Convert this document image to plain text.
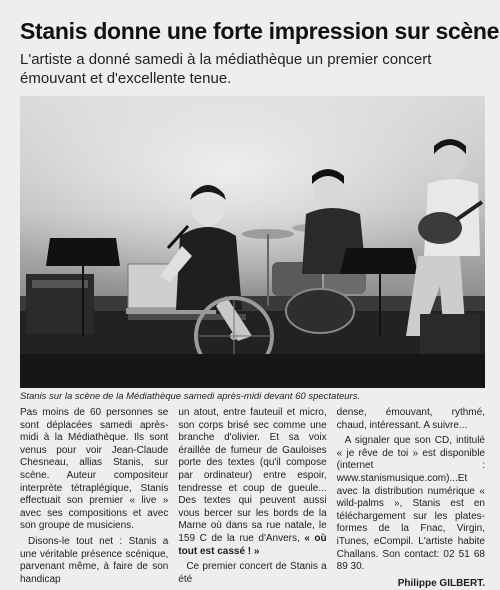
Stanis donne une forte impression sur scène

L'artiste a donné samedi à la médiathèque un premier concert émouvant et d'excellente tenue.

Stanis sur la scène de la Médiathèque samedi après-midi devant 60 spectateurs.

Pas moins de 60 personnes se sont déplacées samedi après-midi à la Médiathèque. Ils sont venus pour voir Jean-Claude Chesneau, allias Stanis, sur scène. Auteur compositeur interprète tétraplégique, Stanis effectuait son premier « live » avec ses compositions et avec son groupe de musiciens.

Disons-le tout net : Stanis a une véritable présence scénique, parvenant même, à faire de son handicap

un atout, entre fauteuil et micro, son corps brisé sec comme une branche d'olivier. Et sa voix éraillée de fumeur de Gauloises porte des textes (qu'il compose par ordinateur) entre espoir, tendresse et coup de gueule... Des textes qui peuvent aussi vous bercer sur les bords de la Marne où dans sa rue natale, le 159 C de la rue d'Anvers, « où tout est cassé ! »

Ce premier concert de Stanis a été

dense, émouvant, rythmé, chaud, intéressant. A suivre...

A signaler que son CD, intitulé « je rêve de toi » est disponible (internet : www.stanismusique.com)...Et avec la distribution numérique « wild-palms », Stanis est en téléchargement sur les plates-formes de la Fnac, Virgin, iTunes, eCompil. L'artiste habite Challans. Son contact: 02 51 68 89 30.

Philippe GILBERT.
